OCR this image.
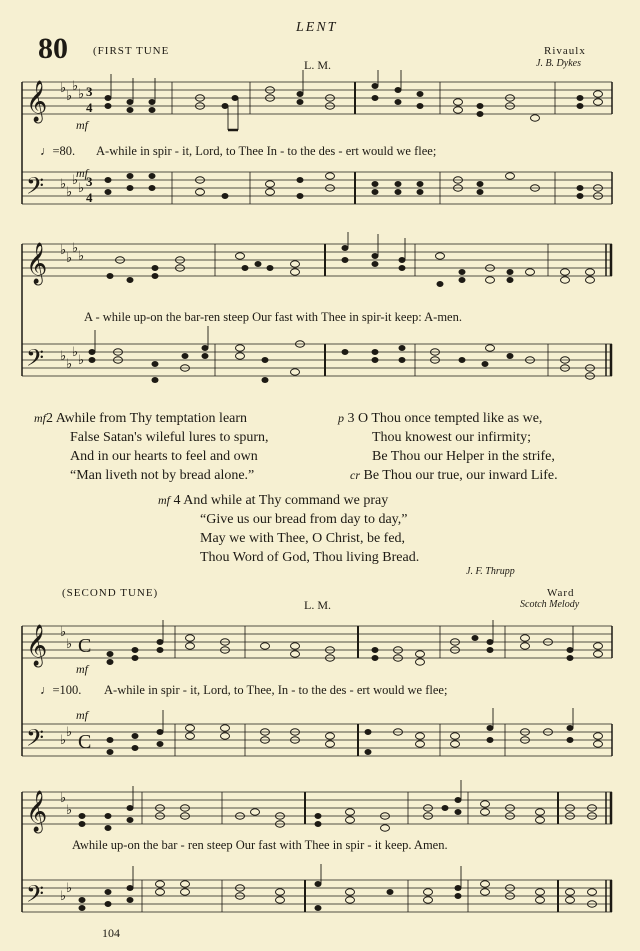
LENT
80 (FIRST TUNE
L. M.
Rivaulx
J. B. Dykes
𝄞
𝄢
♭
♭
♭
♭
♭
♭
♭
♭
3
4
3
4
mf
♩=80. A-while in spir - it, Lord, to Thee In - to the des - ert would we flee;
mf
𝄞
𝄢
♭
♭
♭
♭
♭
♭
♭
♭
A - while up-on the bar-ren steep Our fast with Thee in spir-it keep: A-men.
mf2 Awhile from Thy temptation learn
False Satan's wileful lures to spurn,
And in our hearts to feel and own
“Man liveth not by bread alone.”
p 3 O Thou once tempted like as we,
Thou knowest our infirmity;
Be Thou our Helper in the strife,
cr Be Thou our true, our inward Life.
mf 4 And while at Thy command we pray
“Give us our bread from day to day,”
May we with Thee, O Christ, be fed,
Thou Word of God, Thou living Bread.
J. F. Thrupp
(SECOND TUNE)	Ward
L. M.	Scotch Melody
𝄞
𝄢
♭
♭
♭
♭
C
C
mf
♩=100. A-while in spir - it, Lord, to Thee, In - to the des - ert would we flee;
mf
𝄞
𝄢
♭
♭
♭
♭
Awhile up-on the bar - ren steep Our fast with Thee in spir - it keep. Amen.
104
